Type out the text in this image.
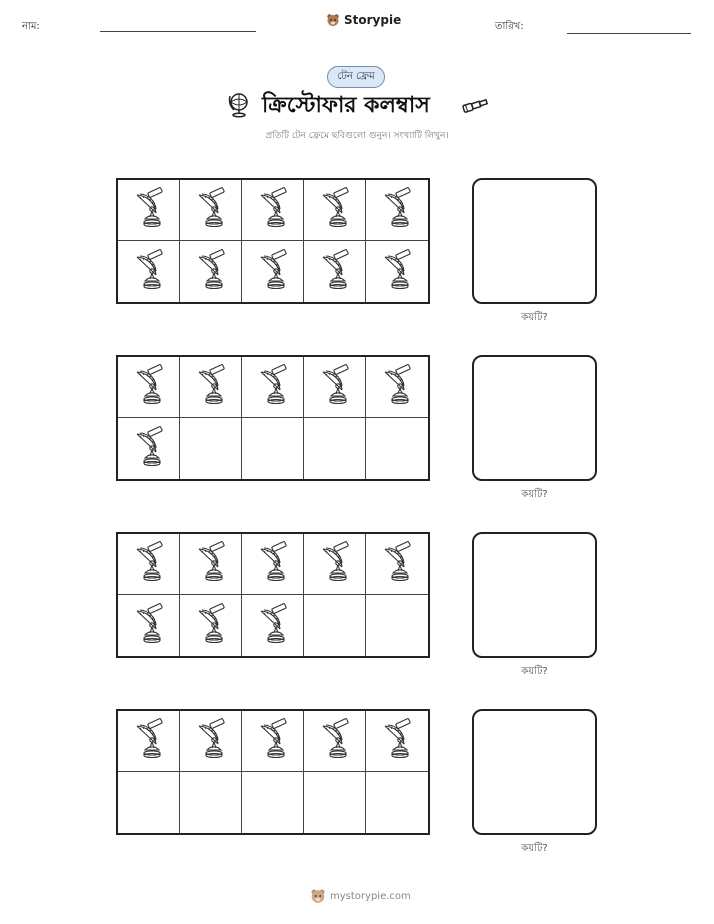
নাম:	Storypie	তারিখ:
টেন ফ্রেম
ক্রিস্টোফার কলম্বাস
প্রতিটি টেন ফ্রেমে ছবিগুলো গুনুন। সংখ্যাটি লিখুন।
কয়টি?
কয়টি?
কয়টি?
কয়টি?
mystorypie.com
